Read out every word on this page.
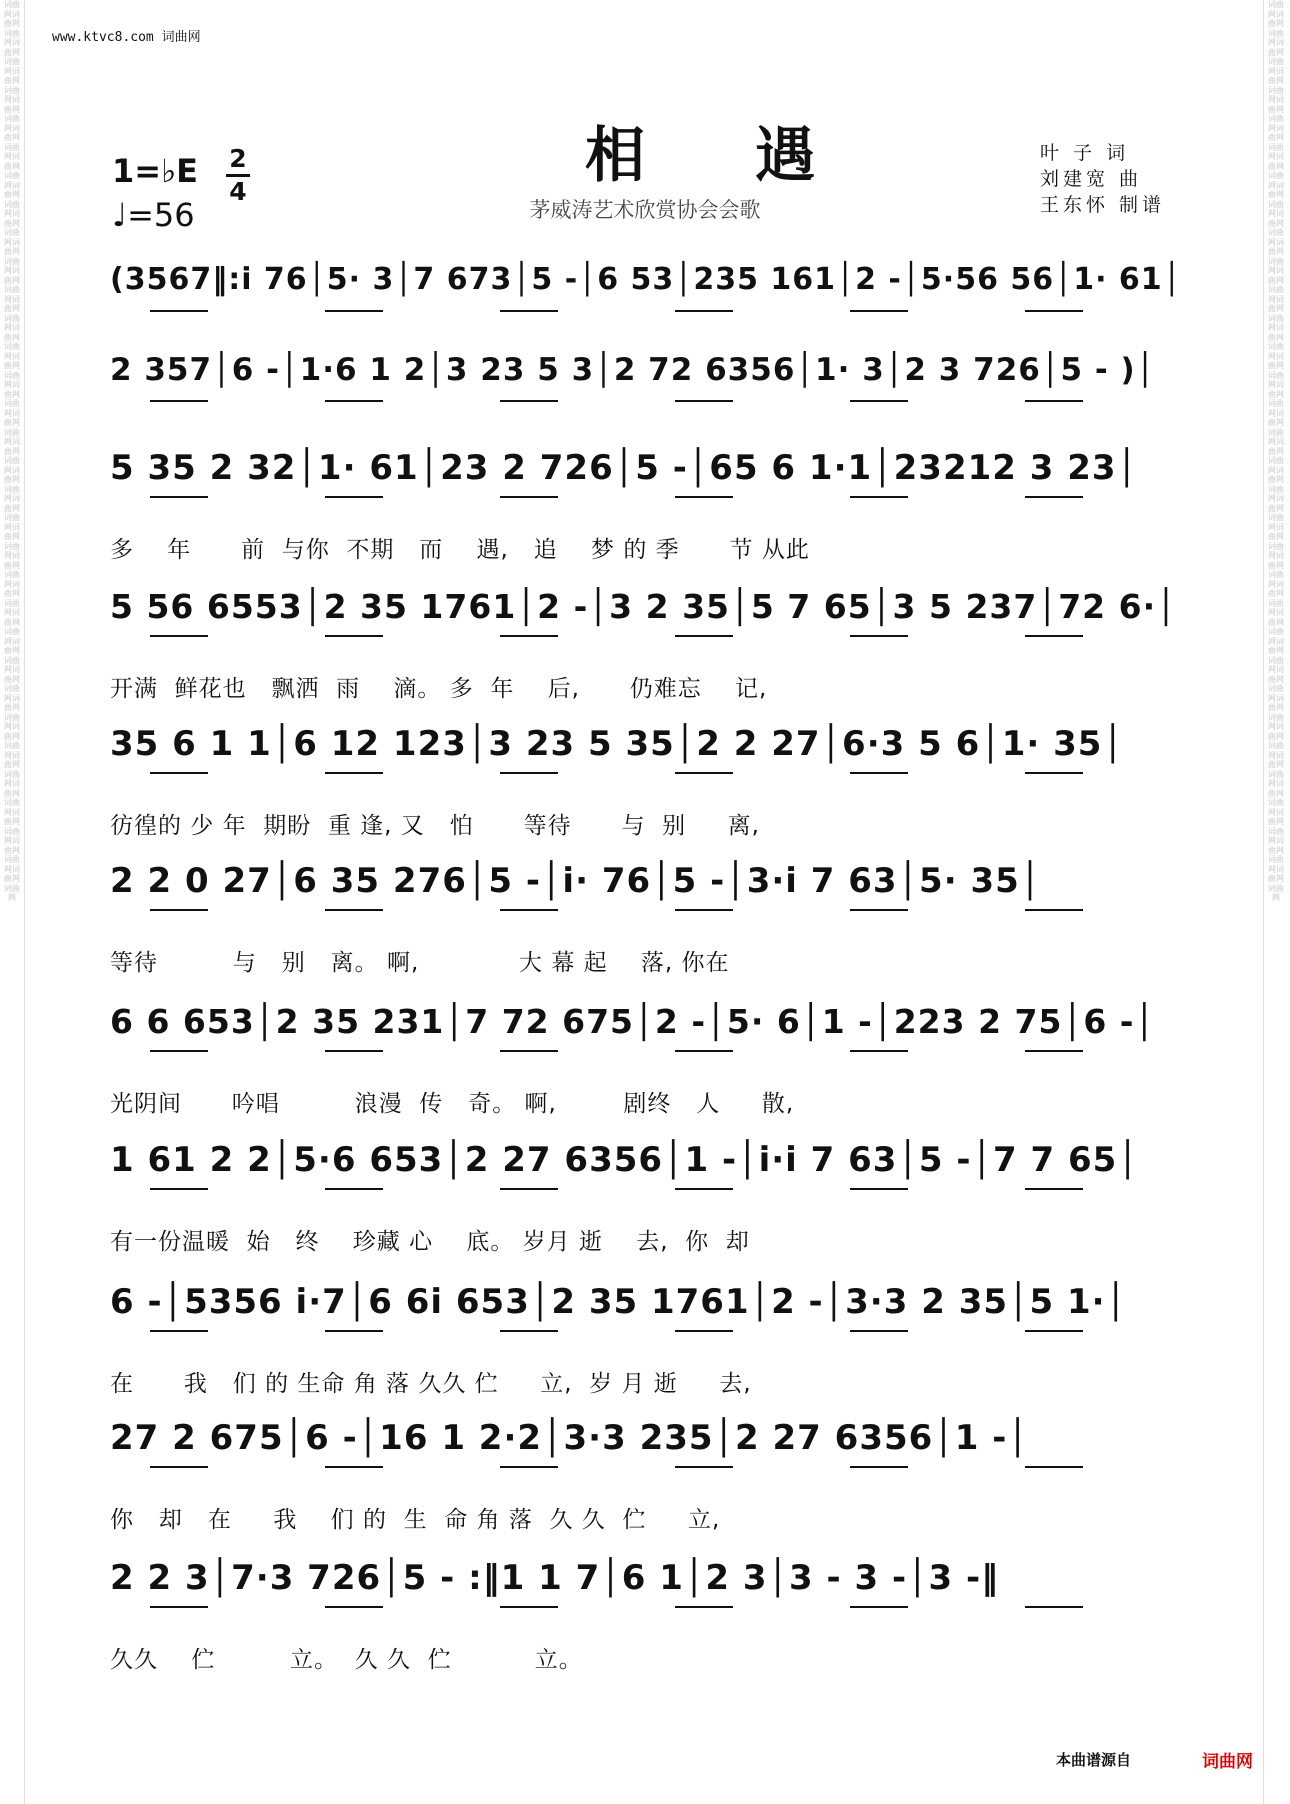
词曲网词曲网词曲网词曲网词曲网词曲网词曲网词曲网词曲网词曲网词曲网词曲网词曲网词曲网词曲网词曲网词曲网词曲网词曲网词曲网词曲网词曲网词曲网词曲网词曲网词曲网词曲网词曲网词曲网词曲网词曲网词曲网词曲网词曲网词曲网词曲网词曲网词曲网词曲网词曲网词曲网词曲网词曲网词曲网词曲网词曲网词曲网词曲网词曲网词曲网词曲网词曲网词曲网词曲网词曲网词曲网词曲网词曲网词曲网词曲网词曲网词曲网词曲网
词曲网词曲网词曲网词曲网词曲网词曲网词曲网词曲网词曲网词曲网词曲网词曲网词曲网词曲网词曲网词曲网词曲网词曲网词曲网词曲网词曲网词曲网词曲网词曲网词曲网词曲网词曲网词曲网词曲网词曲网词曲网词曲网词曲网词曲网词曲网词曲网词曲网词曲网词曲网词曲网词曲网词曲网词曲网词曲网词曲网词曲网词曲网词曲网词曲网词曲网词曲网词曲网词曲网词曲网词曲网词曲网词曲网词曲网词曲网词曲网词曲网词曲网词曲网
www.ktvc8.com 词曲网
相遇
茅威涛艺术欣赏协会会歌
1=♭E 2
4
♩=56
叶 子 词
刘建宽 曲
王东怀 制谱
(3567‖:i̇ 76│5· 3│7 673│5 -│6 53│235 161│2 -│5·56 56│1· 61│
2 357│6 -│1·6 1 2│3 23 5 3│2 72 6356│1· 3│2 3 726│5 - )│
5 35 2 32│1· 61│23 2 726│5 -│65 6 1·1│23212 3 23│
多    年      前  与你  不期   而    遇,   追    梦 的 季      节 从此
5 56 6553│2 35 1761│2 -│3 2 35│5 7 65│3 5 237│72 6·│
开满  鲜花也   飘洒  雨    滴。 多  年    后,      仍难忘    记,
35 6 1 1│6 12 123│3 23 5 35│2 2 27│6·3 5 6│1· 35│
彷徨的 少 年  期盼  重 逢, 又   怕      等待      与  别     离,
2 2 0 27│6 35 276│5 -│i̇· 76│5 -│3·i̇ 7 63│5· 35│
等待         与   别   离。 啊,            大 幕 起    落, 你在
6 6 653│2 35 231│7 72 675│2 -│5· 6│1 -│223 2 75│6 -│
光阴间      吟唱         浪漫  传   奇。 啊,        剧终   人     散,
1 61 2 2│5·6 653│2 27 6356│1 -│i̇·i̇ 7 63│5 -│7 7 65│
有一份温暖  始   终    珍藏 心    底。 岁月 逝    去,  你  却
6 -│5356 i̇·7│6 6i̇ 653│2 35 1761│2 -│3·3 2 35│5 1·│
在      我   们 的 生命 角 落 久久 伫     立,  岁 月 逝     去,
27 2 675│6 -│16 1 2·2│3·3 235│2 27 6356│1 -│
你   却   在     我    们 的  生  命 角 落  久 久  伫     立,
2 2 3│7·3 726│5 - :‖1 1 7│6 1│2 3│3 - 3 -│3 -‖
久久    伫         立。  久 久  伫          立。
本曲谱源自	词曲网
